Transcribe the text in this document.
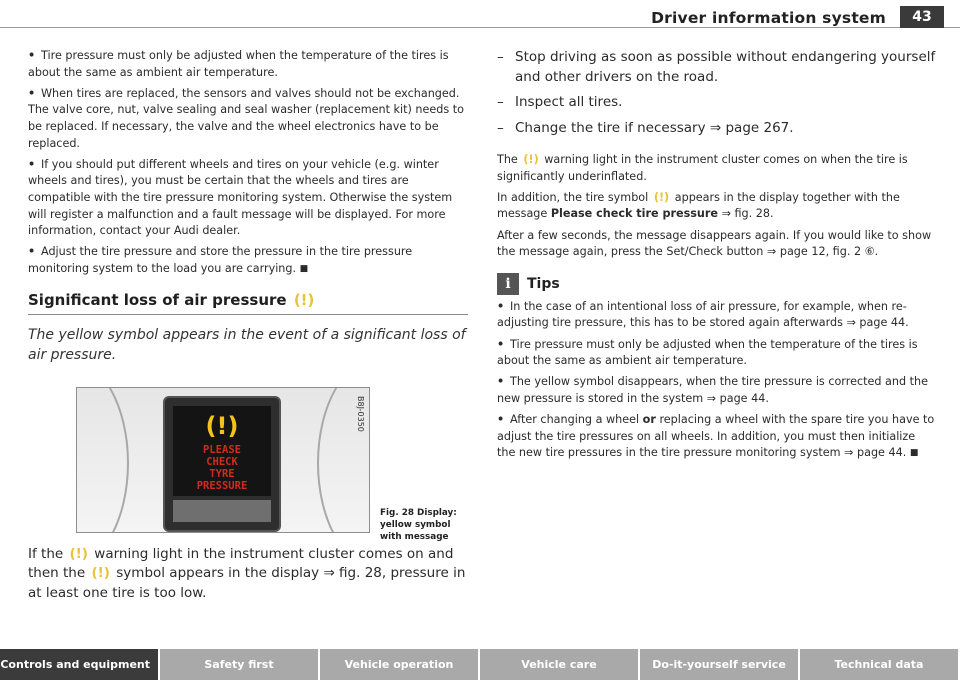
Driver information system	43

• Tire pressure must only be adjusted when the temperature of the tires is about the same as ambient air temperature.

• When tires are replaced, the sensors and valves should not be exchanged. The valve core, nut, valve sealing and seal washer (replacement kit) needs to be replaced. If necessary, the valve and the wheel electronics have to be replaced.

• If you should put different wheels and tires on your vehicle (e.g. winter wheels and tires), you must be certain that the wheels and tires are compatible with the tire pressure monitoring system. Otherwise the system will register a malfunction and a fault message will be displayed. For more information, contact your Audi dealer.

• Adjust the tire pressure and store the pressure in the tire pressure monitoring system to the load you are carrying. ■

Significant loss of air pressure (!)
The yellow symbol appears in the event of a significant loss of air pressure.
(!)
PLEASE
CHECK
TYRE
PRESSURE
B8J-0350
Fig. 28 Display: yellow symbol with message

If the (!) warning light in the instrument cluster comes on and then the (!) symbol appears in the display ⇒ fig. 28, pressure in at least one tire is too low.

– Stop driving as soon as possible without endangering yourself and other drivers on the road.

– Inspect all tires.

– Change the tire if necessary ⇒ page 267.

The (!) warning light in the instrument cluster comes on when the tire is significantly underinflated.

In addition, the tire symbol (!) appears in the display together with the message Please check tire pressure ⇒ fig. 28.

After a few seconds, the message disappears again. If you would like to show the message again, press the Set/Check button ⇒ page 12, fig. 2 ⑥.

i	Tips

• In the case of an intentional loss of air pressure, for example, when re-adjusting tire pressure, this has to be stored again afterwards ⇒ page 44.

• Tire pressure must only be adjusted when the temperature of the tires is about the same as ambient air temperature.

• The yellow symbol disappears, when the tire pressure is corrected and the new pressure is stored in the system ⇒ page 44.

• After changing a wheel or replacing a wheel with the spare tire you have to adjust the tire pressures on all wheels. In addition, you must then initialize the new tire pressures in the tire pressure monitoring system ⇒ page 44. ■

Controls and equipment	Safety first	Vehicle operation	Vehicle care	Do-it-yourself service	Technical data
